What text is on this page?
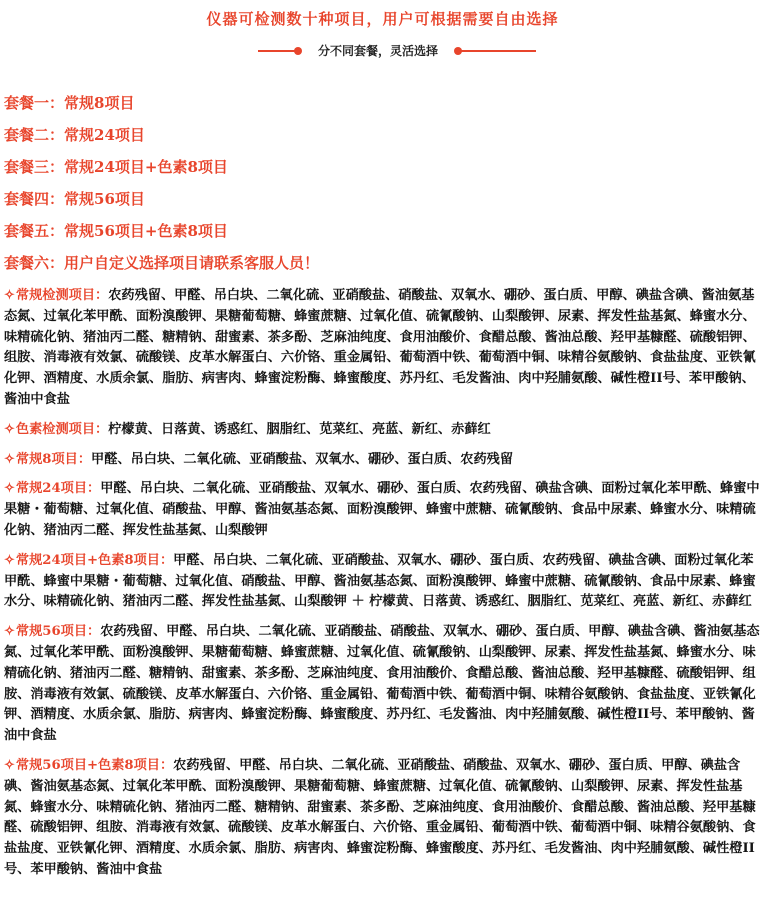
仪器可检测数十种项目，用户可根据需要自由选择
分不同套餐，灵活选择
套餐一：常规8项目
套餐二：常规24项目
套餐三：常规24项目+色素8项目
套餐四：常规56项目
套餐五：常规56项目+色素8项目
套餐六：用户自定义选择项目请联系客服人员！

✧常规检测项目：农药残留、甲醛、吊白块、二氧化硫、亚硝酸盐、硝酸盐、双氧水、硼砂、蛋白质、甲醇、碘盐含碘、酱油氨基态氮、过氧化苯甲酰、面粉溴酸钾、果糖葡萄糖、蜂蜜蔗糖、过氧化值、硫氰酸钠、山梨酸钾、尿素、挥发性盐基氮、蜂蜜水分、味精硫化钠、猪油丙二醛、糖精钠、甜蜜素、茶多酚、芝麻油纯度、食用油酸价、食醋总酸、酱油总酸、羟甲基糠醛、硫酸铝钾、组胺、消毒液有效氯、硫酸镁、皮革水解蛋白、六价铬、重金属铅、葡萄酒中铁、葡萄酒中铜、味精谷氨酸钠、食盐盐度、亚铁氰化钾、酒精度、水质余氯、脂肪、病害肉、蜂蜜淀粉酶、蜂蜜酸度、苏丹红、毛发酱油、肉中羟脯氨酸、碱性橙II号、苯甲酸钠、酱油中食盐

✧色素检测项目：柠檬黄、日落黄、诱惑红、胭脂红、苋菜红、亮蓝、新红、赤藓红

✧常规8项目：甲醛、吊白块、二氧化硫、亚硝酸盐、双氧水、硼砂、蛋白质、农药残留

✧常规24项目：甲醛、吊白块、二氧化硫、亚硝酸盐、双氧水、硼砂、蛋白质、农药残留、碘盐含碘、面粉过氧化苯甲酰、蜂蜜中果糖・葡萄糖、过氧化值、硝酸盐、甲醇、酱油氨基态氮、面粉溴酸钾、蜂蜜中蔗糖、硫氰酸钠、食品中尿素、蜂蜜水分、味精硫化钠、猪油丙二醛、挥发性盐基氮、山梨酸钾

✧常规24项目+色素8项目：甲醛、吊白块、二氧化硫、亚硝酸盐、双氧水、硼砂、蛋白质、农药残留、碘盐含碘、面粉过氧化苯甲酰、蜂蜜中果糖・葡萄糖、过氧化值、硝酸盐、甲醇、酱油氨基态氮、面粉溴酸钾、蜂蜜中蔗糖、硫氰酸钠、食品中尿素、蜂蜜水分、味精硫化钠、猪油丙二醛、挥发性盐基氮、山梨酸钾 ＋ 柠檬黄、日落黄、诱惑红、胭脂红、苋菜红、亮蓝、新红、赤藓红

✧常规56项目：农药残留、甲醛、吊白块、二氧化硫、亚硝酸盐、硝酸盐、双氧水、硼砂、蛋白质、甲醇、碘盐含碘、酱油氨基态氮、过氧化苯甲酰、面粉溴酸钾、果糖葡萄糖、蜂蜜蔗糖、过氧化值、硫氰酸钠、山梨酸钾、尿素、挥发性盐基氮、蜂蜜水分、味精硫化钠、猪油丙二醛、糖精钠、甜蜜素、茶多酚、芝麻油纯度、食用油酸价、食醋总酸、酱油总酸、羟甲基糠醛、硫酸铝钾、组胺、消毒液有效氯、硫酸镁、皮革水解蛋白、六价铬、重金属铅、葡萄酒中铁、葡萄酒中铜、味精谷氨酸钠、食盐盐度、亚铁氰化钾、酒精度、水质余氯、脂肪、病害肉、蜂蜜淀粉酶、蜂蜜酸度、苏丹红、毛发酱油、肉中羟脯氨酸、碱性橙II号、苯甲酸钠、酱油中食盐

✧常规56项目+色素8项目：农药残留、甲醛、吊白块、二氧化硫、亚硝酸盐、硝酸盐、双氧水、硼砂、蛋白质、甲醇、碘盐含碘、酱油氨基态氮、过氧化苯甲酰、面粉溴酸钾、果糖葡萄糖、蜂蜜蔗糖、过氧化值、硫氰酸钠、山梨酸钾、尿素、挥发性盐基氮、蜂蜜水分、味精硫化钠、猪油丙二醛、糖精钠、甜蜜素、茶多酚、芝麻油纯度、食用油酸价、食醋总酸、酱油总酸、羟甲基糠醛、硫酸铝钾、组胺、消毒液有效氯、硫酸镁、皮革水解蛋白、六价铬、重金属铅、葡萄酒中铁、葡萄酒中铜、味精谷氨酸钠、食盐盐度、亚铁氰化钾、酒精度、水质余氯、脂肪、病害肉、蜂蜜淀粉酶、蜂蜜酸度、苏丹红、毛发酱油、肉中羟脯氨酸、碱性橙II号、苯甲酸钠、酱油中食盐
